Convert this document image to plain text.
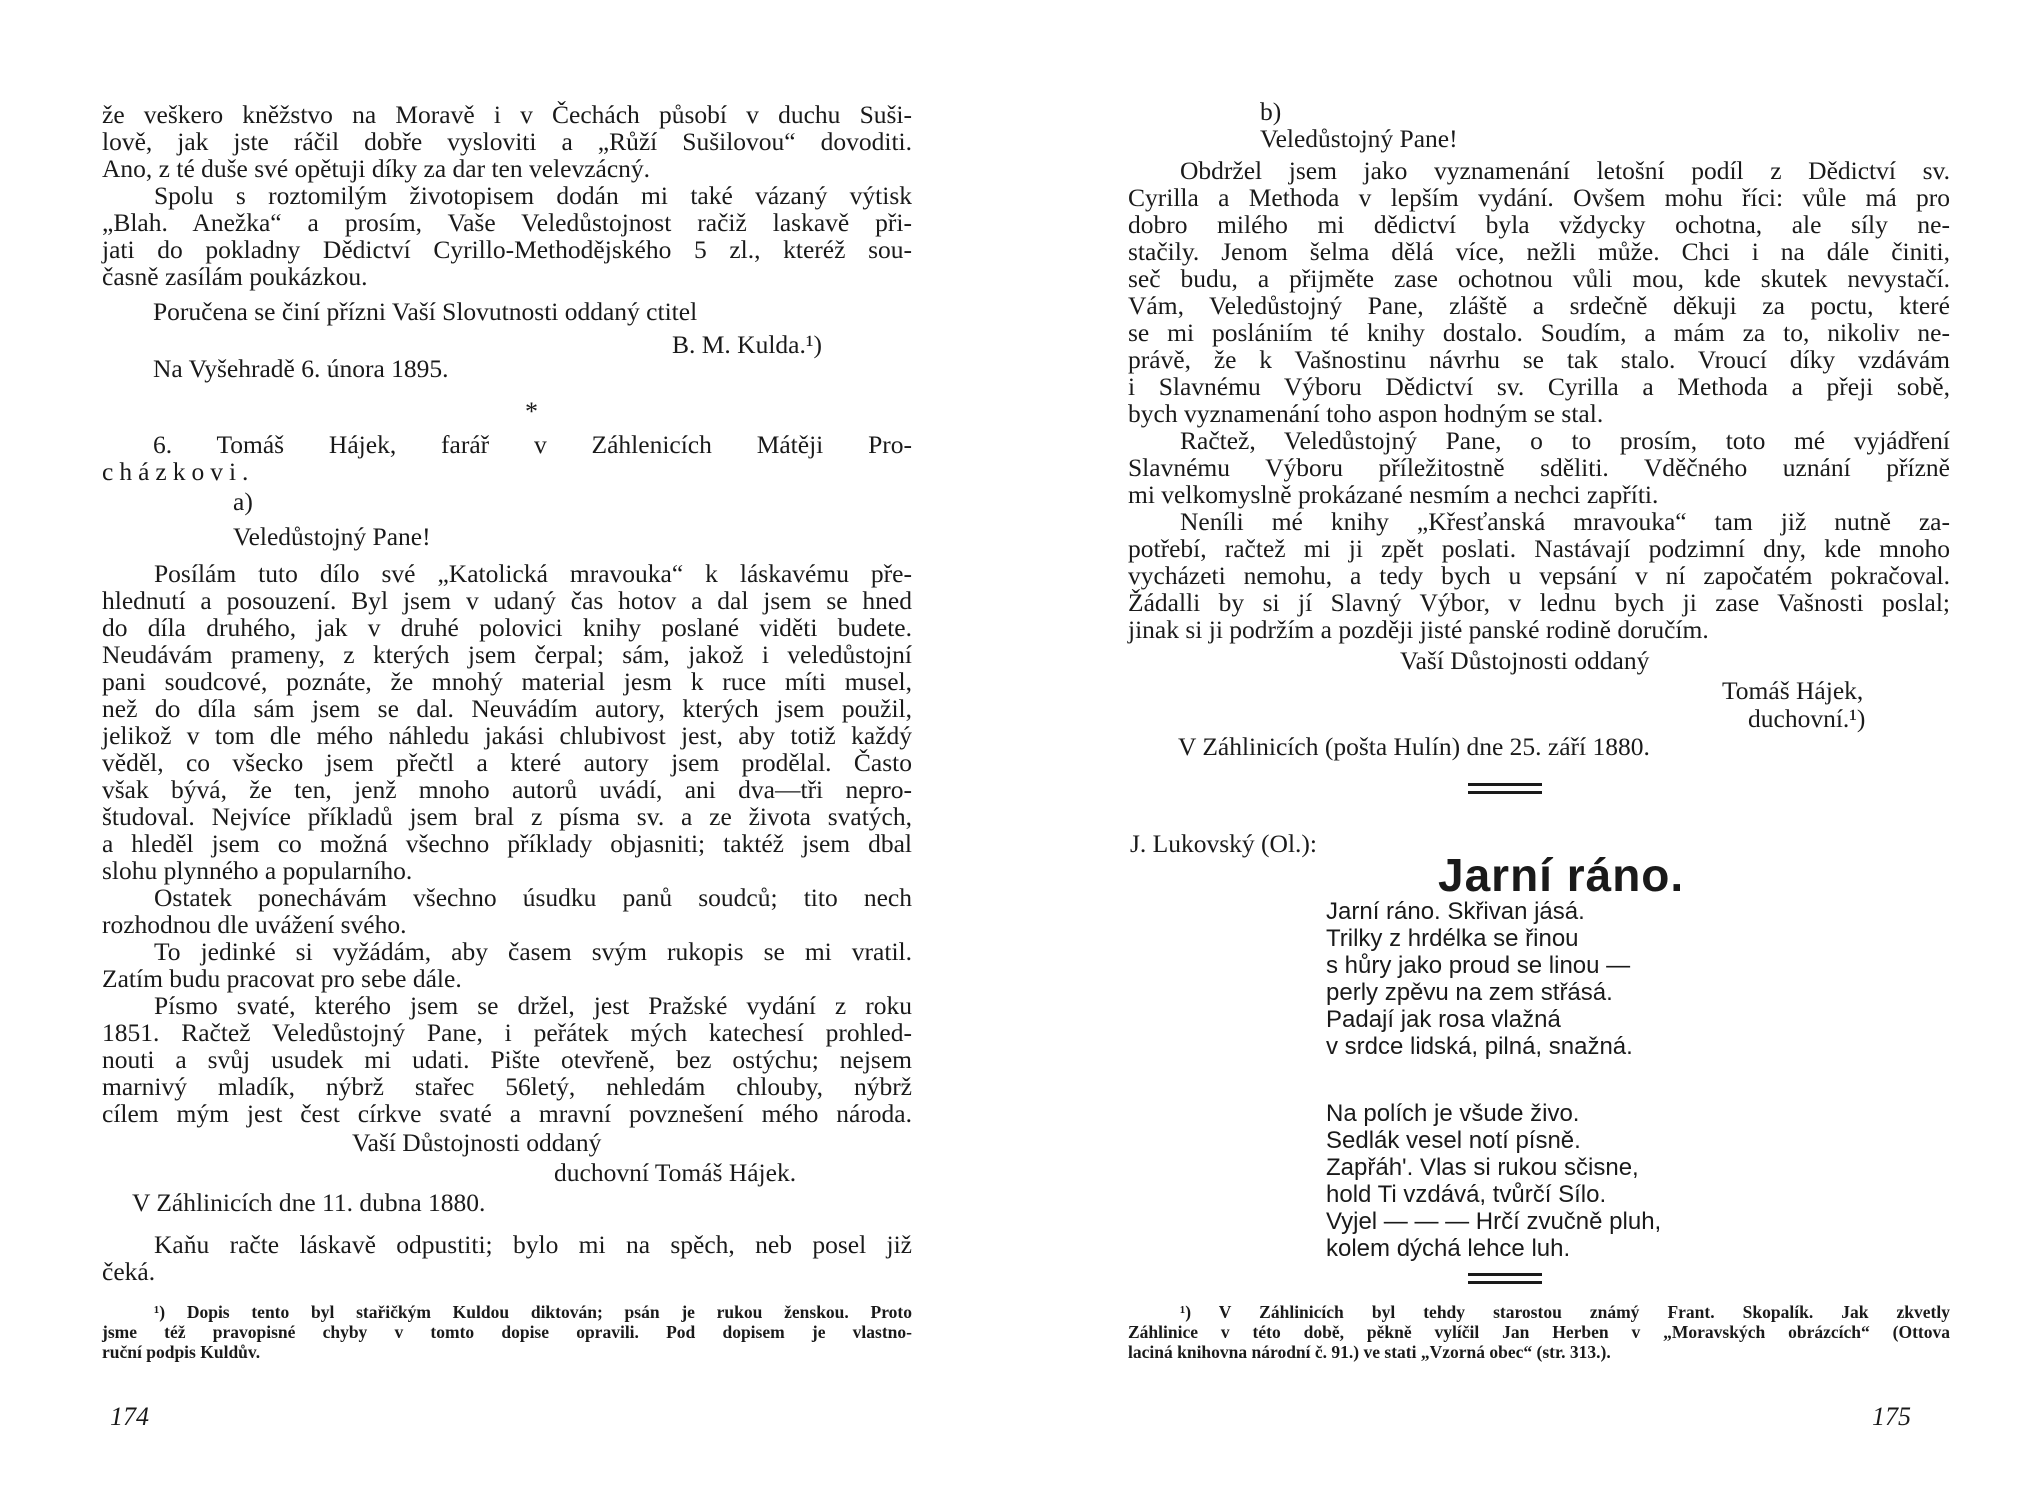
že veškero kněžstvo na Moravě i v Čechách působí v duchu Suši-
lově, jak jste ráčil dobře vysloviti a „Růží Sušilovou“ dovoditi.
Ano, z té duše své opětuji díky za dar ten velevzácný.
Spolu s roztomilým životopisem dodán mi také vázaný výtisk
„Blah. Anežka“ a prosím, Vaše Veledůstojnost račiž laskavě při-
jati do pokladny Dědictví Cyrillo-Methodějského 5 zl., kteréž sou-
časně zasílám poukázkou.
Poručena se činí přízni Vaší Slovutnosti oddaný ctitel
B. M. Kulda.¹)
Na Vyšehradě 6. února 1895.
*
6. Tomáš Hájek, farář v Záhlenicích Mátěji Pro-
cházkovi.
a)
Veledůstojný Pane!
Posílám tuto dílo své „Katolická mravouka“ k láskavému pře-
hlednutí a posouzení. Byl jsem v udaný čas hotov a dal jsem se hned
do díla druhého, jak v druhé polovici knihy poslané viděti budete.
Neudávám prameny, z kterých jsem čerpal; sám, jakož i veledůstojní
pani soudcové, poznáte, že mnohý material jesm k ruce míti musel,
než do díla sám jsem se dal. Neuvádím autory, kterých jsem použil,
jelikož v tom dle mého náhledu jakási chlubivost jest, aby totiž každý
věděl, co všecko jsem přečtl a které autory jsem prodělal. Často
však bývá, že ten, jenž mnoho autorů uvádí, ani dva—tři nepro-
študoval. Nejvíce příkladů jsem bral z písma sv. a ze života svatých,
a hleděl jsem co možná všechno příklady objasniti; taktéž jsem dbal
slohu plynného a popularního.
Ostatek ponechávám všechno úsudku panů soudců; tito nech
rozhodnou dle uvážení svého.
To jedinké si vyžádám, aby časem svým rukopis se mi vratil.
Zatím budu pracovat pro sebe dále.
Písmo svaté, kterého jsem se držel, jest Pražské vydání z roku
1851. Račtež Veledůstojný Pane, i peřátek mých katechesí prohled-
nouti a svůj usudek mi udati. Pište otevřeně, bez ostýchu; nejsem
marnivý mladík, nýbrž stařec 56letý, nehledám chlouby, nýbrž
cílem mým jest čest církve svaté a mravní povznešení mého národa.
Vaší Důstojnosti oddaný
duchovní Tomáš Hájek.
V Záhlinicích dne 11. dubna 1880.
Kaňu račte láskavě odpustiti; bylo mi na spěch, neb posel již
čeká.
¹) Dopis tento byl stařičkým Kuldou diktován; psán je rukou ženskou. Proto
jsme též pravopisné chyby v tomto dopise opravili. Pod dopisem je vlastno-
ruční podpis Kuldův.
174
b)
Veledůstojný Pane!
Obdržel jsem jako vyznamenání letošní podíl z Dědictví sv.
Cyrilla a Methoda v lepším vydání. Ovšem mohu říci: vůle má pro
dobro milého mi dědictví byla vždycky ochotna, ale síly ne-
stačily. Jenom šelma dělá více, nežli může. Chci i na dále činiti,
seč budu, a přijměte zase ochotnou vůli mou, kde skutek nevystačí.
Vám, Veledůstojný Pane, zláště a srdečně děkuji za poctu, které
se mi poslániím té knihy dostalo. Soudím, a mám za to, nikoliv ne-
právě, že k Vašnostinu návrhu se tak stalo. Vroucí díky vzdávám
i Slavnému Výboru Dědictví sv. Cyrilla a Methoda a přeji sobě,
bych vyznamenání toho aspon hodným se stal.
Račtež, Veledůstojný Pane, o to prosím, toto mé vyjádření
Slavnému Výboru příležitostně sděliti. Vděčného uznání přízně
mi velkomyslně prokázané nesmím a nechci zapříti.
Neníli mé knihy „Křesťanská mravouka“ tam již nutně za-
potřebí, račtež mi ji zpět poslati. Nastávají podzimní dny, kde mnoho
vycházeti nemohu, a tedy bych u vepsání v ní započatém pokračoval.
Žádalli by si jí Slavný Výbor, v lednu bych ji zase Vašnosti poslal;
jinak si ji podržím a později jisté panské rodině doručím.
Vaší Důstojnosti oddaný
Tomáš Hájek,
duchovní.¹)
V Záhlinicích (pošta Hulín) dne 25. září 1880.
J. Lukovský (Ol.):
Jarní ráno.
Jarní ráno. Skřivan jásá.
Trilky z hrdélka se řinou
s hůry jako proud se linou —
perly zpěvu na zem střásá.
Padají jak rosa vlažná
v srdce lidská, pilná, snažná.
Na polích je všude živo.
Sedlák vesel notí písně.
Zapřáh'. Vlas si rukou sčisne,
hold Ti vzdává, tvůrčí Sílo.
Vyjel — — — Hrčí zvučně pluh,
kolem dýchá lehce luh.
¹) V Záhlinicích byl tehdy starostou známý Frant. Skopalík. Jak zkvetly
Záhlinice v této době, pěkně vylíčil Jan Herben v „Moravských obrázcích“ (Ottova
laciná knihovna národní č. 91.) ve stati „Vzorná obec“ (str. 313.).
175
